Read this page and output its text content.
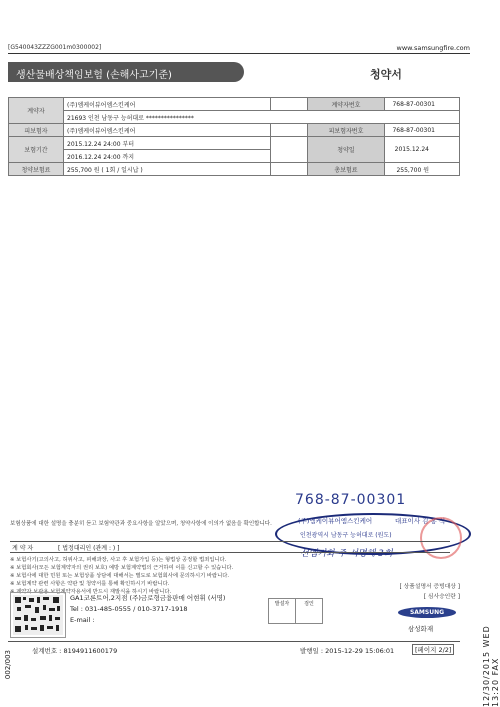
[G540043ZZZG001m0300002]	www.samsungfire.com
생산물배상책임보험 (손해사고기준)	청약서
계약자	(주)엠케이뷰어엠스킨케어		계약자번호	768-87-00301
	21693 인천 남동구 능허대로 ****************			
피보험자	(주)엠케이뷰어엠스킨케어		피보험자번호	768-87-00301
보험기간	2015.12.24 24:00 부터		청약일	2015.12.24
	2016.12.24 24:00 까지			
청약보험료	255,700 원 ( 1회 / 일시납 )		총보험료	255,700 원
768-87-00301
(주)엠케이뷰어엠스킨케어	대표이사 김 홍 석
인천광역시 남동구 능허대로 (원도)
선엠기화 주 서명해 3회
보험상품에 대한 설명을 충분히 듣고 보험약관과 중요사항을 알았으며, 청약사항에 이의가 없음을 확인합니다.
계 약 자	[ 법정대리인 (관계 : ) ]
※ 보험사기(고의사고, 허위사고, 피해과장, 사고 후 보험가입 등)는 형법상 공정할 법죄입니다.
※ 보험회사(모든 보험계약자의 권리 보호) 예방 보험계약법의 근거하여 이를 신고할 수 있습니다.
※ 보험사에 대한 민원 또는 보험상품 상담에 대해서는 별도로 보험회사에 문의하시기 바랍니다.
※ 보험계약 관련 사항은 약관 및 청약서를 통해 확인하시기 바랍니다.
※ 계약자 보관용 보험계약자용서에 반드시 재발식을 하시기 바랍니다.
[ 상품설명서 증빙대상 ]
[ 심사승인란 ]
GA1코론트어,2지점 (주)금로형금융판매 어현휘 (서명)
Tel : 031-485-0555 / 010-3717-1918
E-mail :
발설자	검인
SAMSUNG
삼성화재
설계번호 : 8194911600179	발행일 : 2015-12-29 15:06:01	[페이지 2/2]
002/003	12/30/2015 WED 13:20 FAX
